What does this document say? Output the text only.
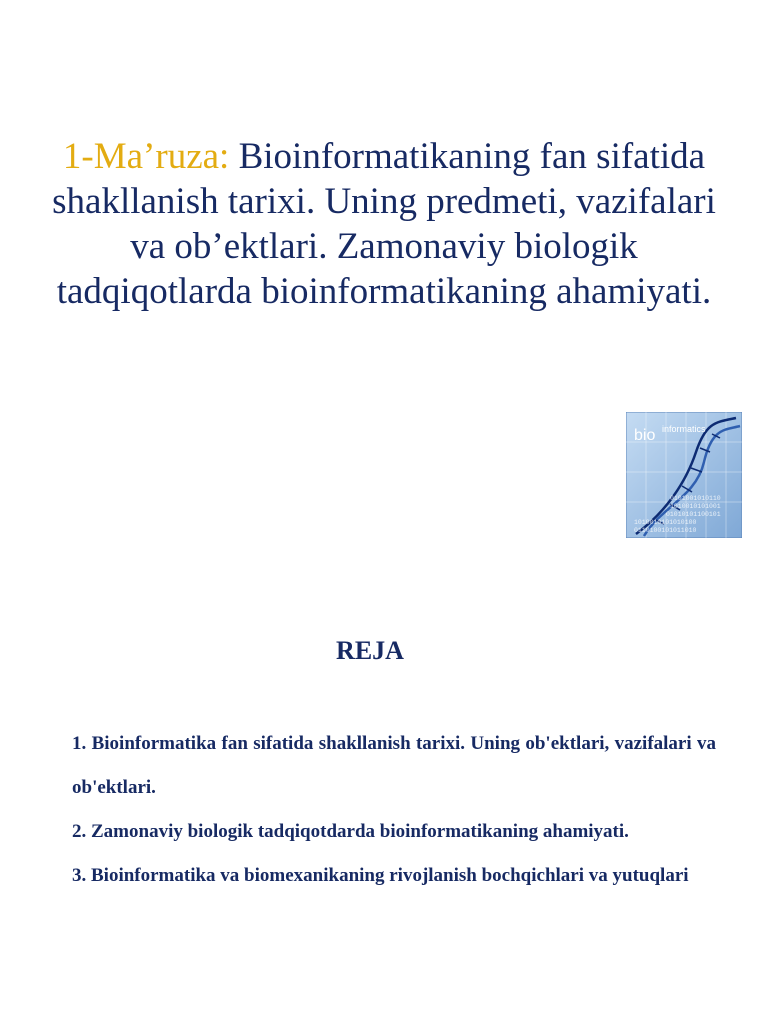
1-Ma’ruza: Bioinformatikaning fan sifatida shakllanish tarixi. Uning predmeti, vazifalari va ob’ektlari. Zamonaviy biologik tadqiqotlarda bioinformatikaning ahamiyati.
bio informatics
0101001010110
1010010101001
01010101100101
1010010101010100
0110100101011010
REJA

1. Bioinformatika fan sifatida shakllanish tarixi. Uning ob'ektlari, vazifalari va ob'ektlari.

2. Zamonaviy biologik tadqiqotdarda bioinformatikaning ahamiyati.

3. Bioinformatika va biomexanikaning rivojlanish bochqichlari va yutuqlari
